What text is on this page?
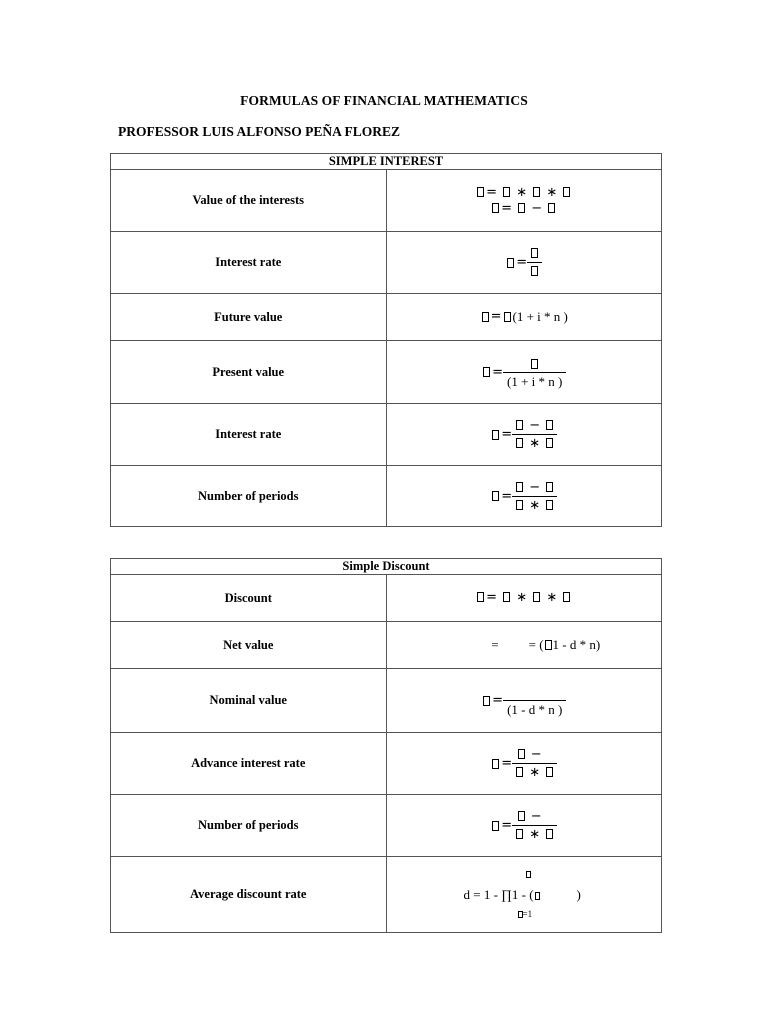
FORMULAS OF FINANCIAL MATHEMATICS
PROFESSOR LUIS ALFONSO PEÑA FLOREZ
SIMPLE INTEREST	
Value of the interests	=  ∗  ∗
=  −

Interest rate	=

Future value	= (1 + i * n )

Present value	=
(1 + i * n )

Interest rate	= $\frac{-}{∗}$

Number of periods	= $\frac{-}{∗}$
Simple Discount	
Discount	=  ∗  ∗

Net value	= = ( 1 - d * n)

Nominal value	=
(1 - d * n )

Advance interest rate	= $\frac{-}{∗}$

Number of periods	= $\frac{-}{∗}$

Average discount rate	d = 1 - ∏1 - ( )
=1
